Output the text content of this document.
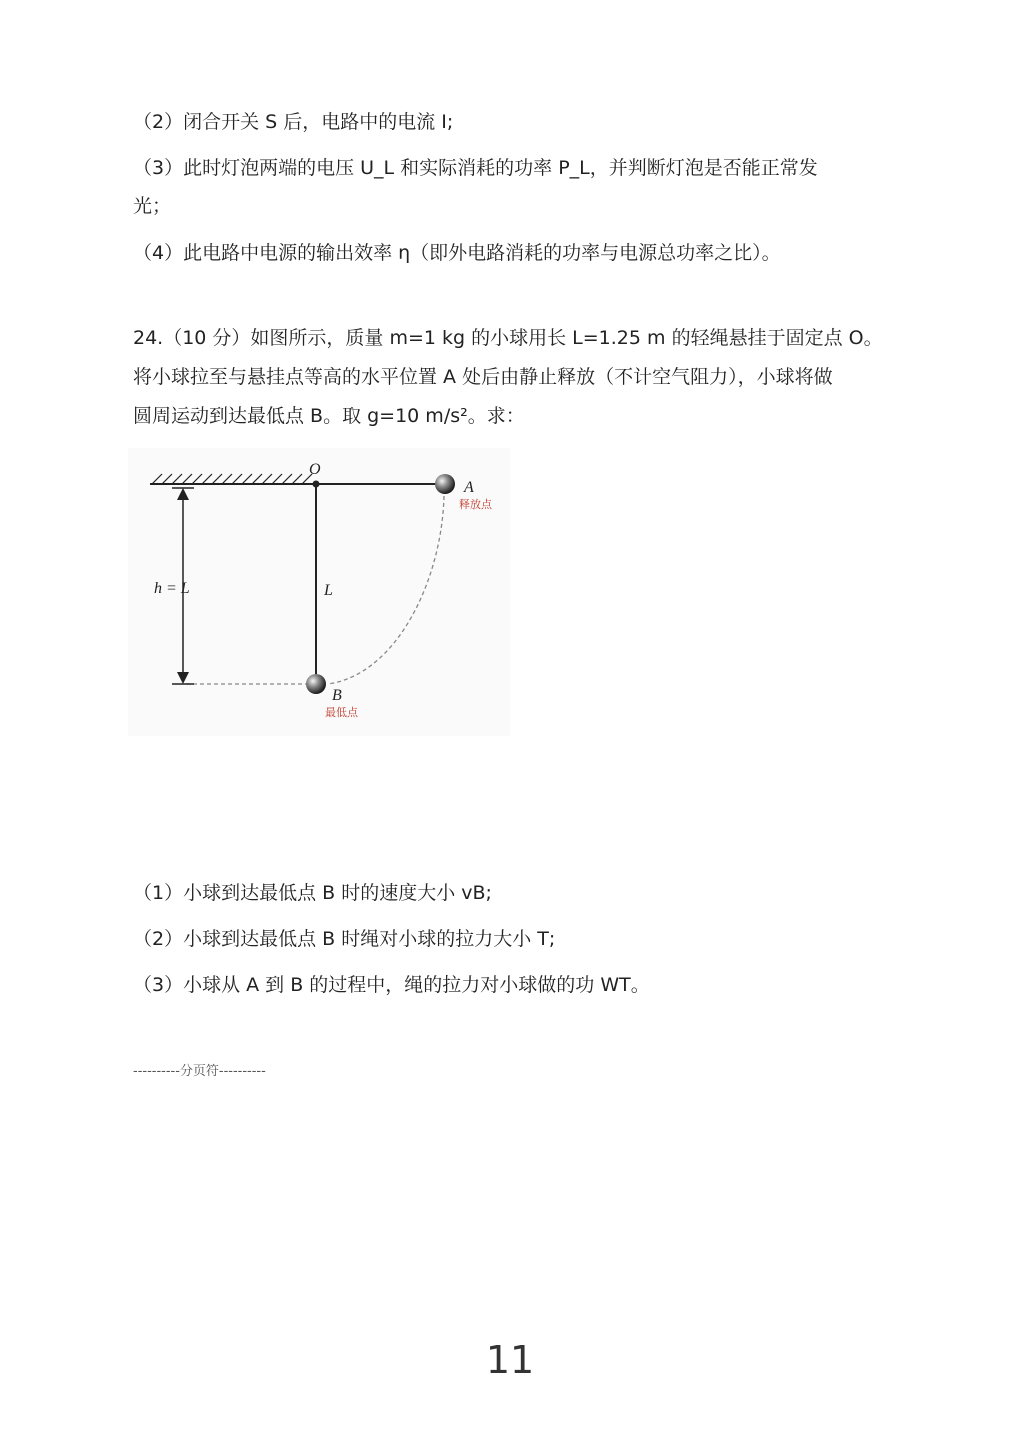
（2）闭合开关 S 后，电路中的电流 I;
（3）此时灯泡两端的电压 U_L 和实际消耗的功率 P_L，并判断灯泡是否能正常发
光；
（4）此电路中电源的输出效率 η（即外电路消耗的功率与电源总功率之比）。
24.（10 分）如图所示，质量 m=1 kg 的小球用长 L=1.25 m 的轻绳悬挂于固定点 O。
将小球拉至与悬挂点等高的水平位置 A 处后由静止释放（不计空气阻力），小球将做
圆周运动到达最低点 B。取 g=10 m/s²。求：
O
A
释放点
L
h = L
B
最低点
（1）小球到达最低点 B 时的速度大小 vB;
（2）小球到达最低点 B 时绳对小球的拉力大小 T;
（3）小球从 A 到 B 的过程中，绳的拉力对小球做的功 WT。
----------分页符----------
11
